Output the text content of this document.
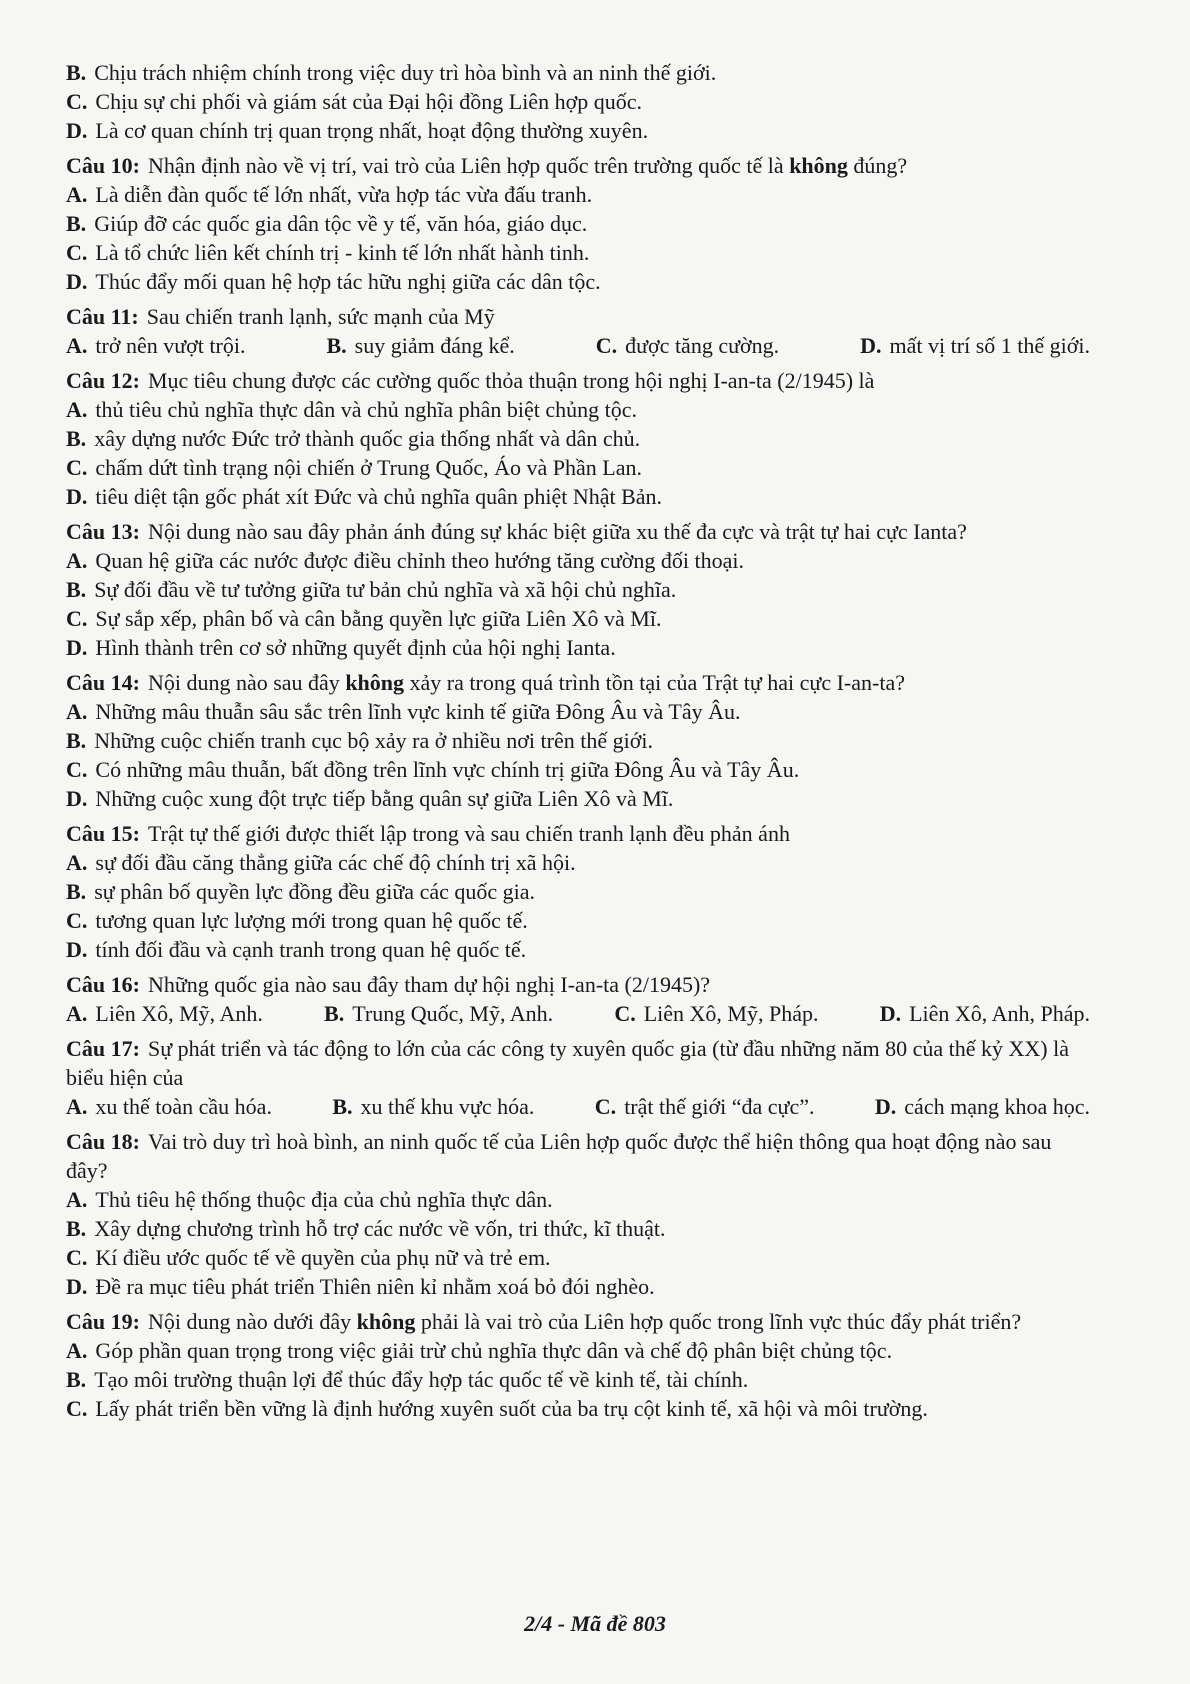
B. Chịu trách nhiệm chính trong việc duy trì hòa bình và an ninh thế giới.
C. Chịu sự chi phối và giám sát của Đại hội đồng Liên hợp quốc.
D. Là cơ quan chính trị quan trọng nhất, hoạt động thường xuyên.
Câu 10: Nhận định nào về vị trí, vai trò của Liên hợp quốc trên trường quốc tế là không đúng?
A. Là diễn đàn quốc tế lớn nhất, vừa hợp tác vừa đấu tranh.
B. Giúp đỡ các quốc gia dân tộc về y tế, văn hóa, giáo dục.
C. Là tổ chức liên kết chính trị - kinh tế lớn nhất hành tinh.
D. Thúc đẩy mối quan hệ hợp tác hữu nghị giữa các dân tộc.
Câu 11: Sau chiến tranh lạnh, sức mạnh của Mỹ
A. trở nên vượt trội.	B. suy giảm đáng kể.	C. được tăng cường.	D. mất vị trí số 1 thế giới.
Câu 12: Mục tiêu chung được các cường quốc thỏa thuận trong hội nghị I-an-ta (2/1945) là
A. thủ tiêu chủ nghĩa thực dân và chủ nghĩa phân biệt chủng tộc.
B. xây dựng nước Đức trở thành quốc gia thống nhất và dân chủ.
C. chấm dứt tình trạng nội chiến ở Trung Quốc, Áo và Phần Lan.
D. tiêu diệt tận gốc phát xít Đức và chủ nghĩa quân phiệt Nhật Bản.
Câu 13: Nội dung nào sau đây phản ánh đúng sự khác biệt giữa xu thế đa cực và trật tự hai cực Ianta?
A. Quan hệ giữa các nước được điều chỉnh theo hướng tăng cường đối thoại.
B. Sự đối đầu về tư tưởng giữa tư bản chủ nghĩa và xã hội chủ nghĩa.
C. Sự sắp xếp, phân bố và cân bằng quyền lực giữa Liên Xô và Mĩ.
D. Hình thành trên cơ sở những quyết định của hội nghị Ianta.
Câu 14: Nội dung nào sau đây không xảy ra trong quá trình tồn tại của Trật tự hai cực I-an-ta?
A. Những mâu thuẫn sâu sắc trên lĩnh vực kinh tế giữa Đông Âu và Tây Âu.
B. Những cuộc chiến tranh cục bộ xảy ra ở nhiều nơi trên thế giới.
C. Có những mâu thuẫn, bất đồng trên lĩnh vực chính trị giữa Đông Âu và Tây Âu.
D. Những cuộc xung đột trực tiếp bằng quân sự giữa Liên Xô và Mĩ.
Câu 15: Trật tự thế giới được thiết lập trong và sau chiến tranh lạnh đều phản ánh
A. sự đối đầu căng thẳng giữa các chế độ chính trị xã hội.
B. sự phân bố quyền lực đồng đều giữa các quốc gia.
C. tương quan lực lượng mới trong quan hệ quốc tế.
D. tính đối đầu và cạnh tranh trong quan hệ quốc tế.
Câu 16: Những quốc gia nào sau đây tham dự hội nghị I-an-ta (2/1945)?
A. Liên Xô, Mỹ, Anh.	B. Trung Quốc, Mỹ, Anh.	C. Liên Xô, Mỹ, Pháp.	D. Liên Xô, Anh, Pháp.
Câu 17: Sự phát triển và tác động to lớn của các công ty xuyên quốc gia (từ đầu những năm 80 của thế kỷ XX) là biểu hiện của
A. xu thế toàn cầu hóa.	B. xu thế khu vực hóa.	C. trật thế giới “đa cực”.	D. cách mạng khoa học.
Câu 18: Vai trò duy trì hoà bình, an ninh quốc tế của Liên hợp quốc được thể hiện thông qua hoạt động nào sau đây?
A. Thủ tiêu hệ thống thuộc địa của chủ nghĩa thực dân.
B. Xây dựng chương trình hỗ trợ các nước về vốn, tri thức, kĩ thuật.
C. Kí điều ước quốc tế về quyền của phụ nữ và trẻ em.
D. Đề ra mục tiêu phát triển Thiên niên kỉ nhằm xoá bỏ đói nghèo.
Câu 19: Nội dung nào dưới đây không phải là vai trò của Liên hợp quốc trong lĩnh vực thúc đẩy phát triển?
A. Góp phần quan trọng trong việc giải trừ chủ nghĩa thực dân và chế độ phân biệt chủng tộc.
B. Tạo môi trường thuận lợi để thúc đẩy hợp tác quốc tế về kinh tế, tài chính.
C. Lấy phát triển bền vững là định hướng xuyên suốt của ba trụ cột kinh tế, xã hội và môi trường.
2/4 - Mã đề 803
